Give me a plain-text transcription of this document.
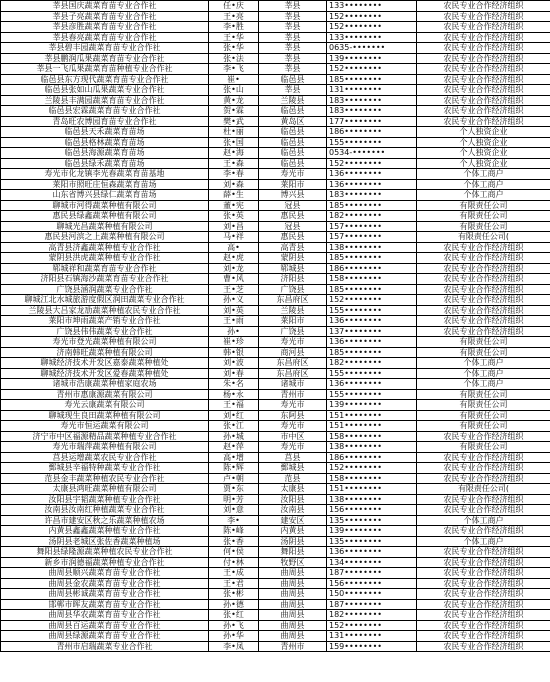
莘县国庆蔬菜育苗专业合作社	任•庆	莘县	133••••••••	农民专业合作经济组织
莘县子亮蔬菜育苗专业合作社	王•亮	莘县	152••••••••	农民专业合作经济组织
莘县彦胜蔬菜育苗专业合作社	李•胜	莘县	152••••••••	农民专业合作经济组织
莘县春亮蔬菜育苗专业合作社	王•华	莘县	133••••••••	农民专业合作经济组织
莘县碧丰园蔬菜育苗专业合作社	张•华	莘县	0635-•••••••	农民专业合作经济组织
莘县鹏润瓜果蔬菜育苗专业合作社	张•法	莘县	139••••••••	农民专业合作经济组织
莘县一飞瓜果蔬菜育苗种植专业合作社	李•飞	莘县	152••••••••	农民专业合作经济组织
临邑县东方现代蔬菜育苗专业合作社	崔•	临邑县	185••••••••	农民专业合作经济组织
临邑县张如山瓜果蔬菜专业合作社	张•山	莘县	131••••••••	农民专业合作经济组织
兰陵县丰满园蔬菜育苗专业合作社	黄•龙	兰陵县	183••••••••	农民专业合作经济组织
临邑县宏霖蔬菜育苗专业合作社	贺•霖	临邑县	183••••••••	农民专业合作经济组织
青岛旺农博园育苗专业合作社	樊•武	黄岛区	177••••••••	农民专业合作经济组织
临邑县天禾蔬菜育苗场	杜•丽	临邑县	186••••••••	个人独资企业
临邑县格林蔬菜育苗场	张•国	临邑县	155••••••••	个人独资企业
临邑县海源蔬菜育苗场	赵•海	临邑县	0534-•••••••	个人独资企业
临邑县绿禾蔬菜育苗场	王•森	临邑县	152••••••••	个人独资企业
寿光市化龙镇李光春蔬菜育苗基地	李•春	寿光市	136••••••••	个体工商户
莱阳市照旺庄恒森蔬菜育苗场	刘•森	莱阳市	136••••••••	个体工商户
山东省博兴县绿仁蔬菜育苗场	薛•生	博兴县	183••••••••	个体工商户
聊城市河得蔬菜种植有限公司	董•宪	冠县	185••••••••	有限责任公司
惠民县绿鑫蔬菜种植有限公司	张•英	惠民县	182••••••••	有限责任公司
聊城光昌蔬菜种植有限公司	刘•昌	冠县	157••••••••	有限责任公司
惠民县河滨之上蔬菜种植有限公司	马•祥	惠民县	157••••••••	有限责任公司(
高青县济鑫蔬菜种植专业合作社	高•	高青县	138••••••••	农民专业合作经济组织
蒙阴县洪虎蔬菜种植专业合作社	赵•虎	蒙阴县	185••••••••	农民专业合作经济组织
郓城祥和蔬菜育苗专业合作社	刘•龙	郓城县	186••••••••	农民专业合作经济组织
济阳县石镇海沙蔬菜育苗专业合作社	曹•风	济阳县	158••••••••	农民专业合作经济组织
广饶县涵润蔬菜专业合作社	王•芝	广饶县	185••••••••	农民专业合作经济组织
聊城江北水城旅游度假区润田蔬菜专业合作社	孙•义	东昌府区	152••••••••	农民专业合作经济组织
兰陵县大吕家龙劢蔬菜种植农民专业合作社	刘•英	兰陵县	155••••••••	农民专业合作经济组织
莱阳市坤雨蔬菜产销专业合作社	王•雨	莱阳市	136••••••••	农民专业合作经济组织
广饶县伟伟蔬菜专业合作社	孙•	广饶县	137••••••••	农民专业合作经济组织
寿光市登光蔬菜种植有限公司	崔•珍	寿光市	136••••••••	有限责任公司
济南韩旺蔬菜种植有限公司	韩•银	商河县	185••••••••	有限责任公司
聊城经济技术开发区嘉泰蔬菜种植处	刘•波	东昌府区	182••••••••	个体工商户
聊城经济技术开发区爱春蔬菜种植处	刘•春	东昌府区	155••••••••	个体工商户
诸城市浩康蔬菜种植家庭农场	朱•名	诸城市	136••••••••	个体工商户
青州市惠康源蔬菜有限公司	杨•永	青州市	155••••••••	有限责任公司
寿光云康蔬菜有限公司	王•福	寿光市	139••••••••	有限责任公司
聊城现生良田蔬菜种植有限公司	刘•红	东阿县	151••••••••	有限责任公司
寿光市恒运蔬菜有限公司	张•江	寿光市	151••••••••	有限责任公司
济宁市中区福源精品蔬菜种植专业合作社	孙•城	市中区	158••••••••	农民专业合作经济组织
寿光市瑞萍蔬菜种植有限公司	赵•萍	寿光市	138••••••••	有限责任公司
莒县运增蔬菜农民专业合作社	高•增	莒县	186••••••••	农民专业合作经济组织
鄄城县辛福特种蔬菜专业合作社	陈•辉	鄄城县	152••••••••	农民专业合作经济组织
范县金丰蔬菜种植农民专业合作社	卢•朝	范县	158••••••••	农民专业合作经济组织
太康县鸿旺蔬菜种植有限公司	贾•东	太康县	151••••••••	有限责任公司(
汝阳县宇韬蔬菜种植专业合作社	明•芳	汝阳县	138••••••••	农民专业合作经济组织
汝南县汝南红种植蔬菜专业合作社	刘•意	汝南县	156••••••••	农民专业合作经济组织
许昌市建安区秋之乐蔬菜种植农场	李•	建安区	135••••••••	个体工商户
内黄县鑫鑫蔬菜种植专业合作社	陈•峰	内黄县	139••••••••	农民专业合作经济组织
汤阴县老城区张佐香蔬菜种植场	张•香	汤阴县	135••••••••	个体工商户
舞阳县绿隆源蔬菜种植农民专业合作社	何•侯	舞阳县	136••••••••	农民专业合作经济组织
新乡市润德福蔬菜种植专业合作社	付•林	牧野区	134••••••••	农民专业合作经济组织
曲周县顺兴蔬菜育苗专业合作社	王•成	曲周县	187••••••••	农民专业合作经济组织
曲周县金农蔬菜育苗专业合作社	王•君	曲周县	156••••••••	农民专业合作经济组织
曲周县彬诚蔬菜育苗专业合作社	张•彬	曲周县	150••••••••	农民专业合作经济组织
邯郸市晖友蔬菜育苗专业合作社	孙•德	曲周县	187••••••••	农民专业合作经济组织
曲周县华农蔬菜育苗专业合作社	张•红	曲周县	182••••••••	农民专业合作经济组织
曲周县百运蔬菜育苗专业合作社	孙•飞	曲周县	152••••••••	农民专业合作经济组织
曲周县绿源蔬菜育苗专业合作社	孙•华	曲周县	131••••••••	农民专业合作经济组织
青州市启瑞蔬菜专业合作社	李•凤	青州市	159••••••••	农民专业合作经济组织
